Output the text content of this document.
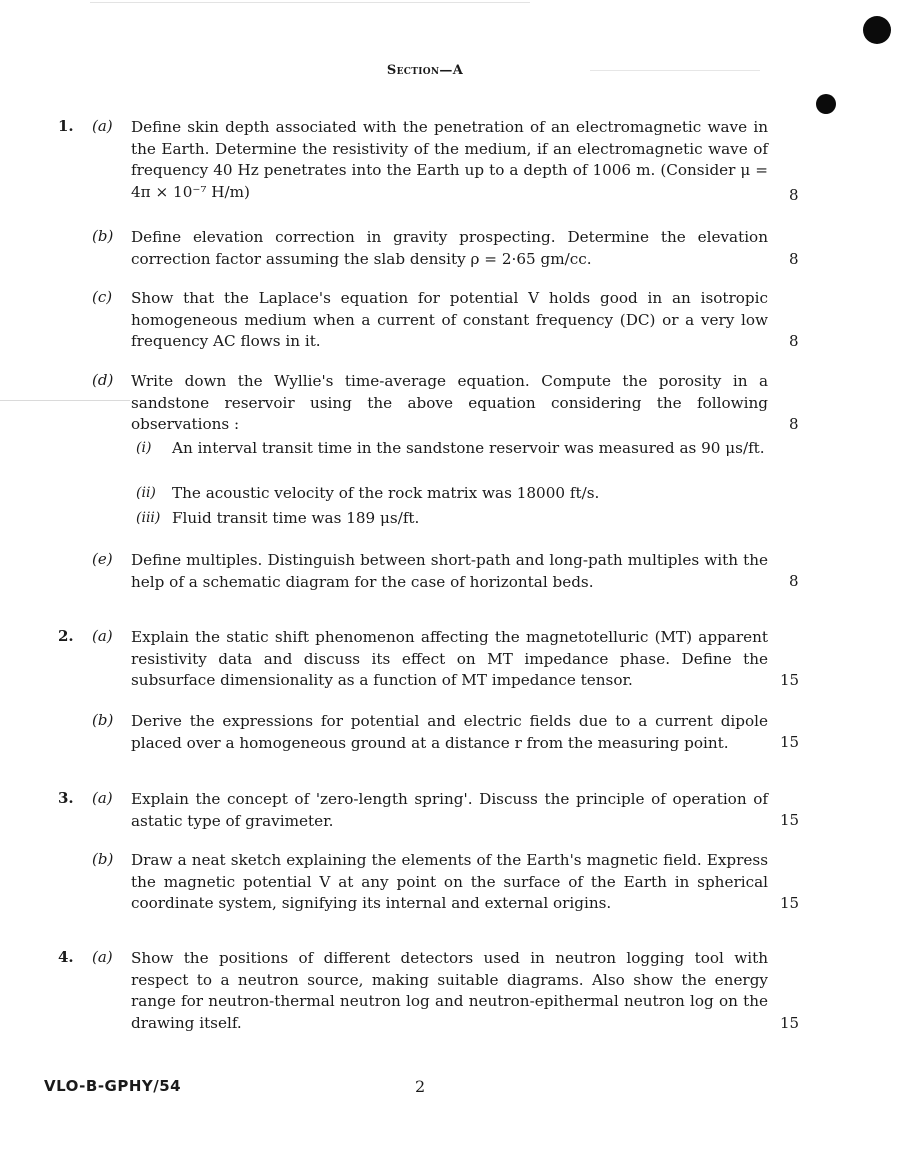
Section—A
1. (a) Define skin depth associated with the penetration of an electromagnetic wave in the Earth. Determine the resistivity of the medium, if an electromagnetic wave of frequency 40 Hz penetrates into the Earth up to a depth of 1006 m. (Consider μ = 4π × 10⁻⁷ H/m)	8
(b) Define elevation correction in gravity prospecting. Determine the elevation correction factor assuming the slab density ρ = 2·65 gm/cc.	8
(c) Show that the Laplace's equation for potential V holds good in an isotropic homogeneous medium when a current of constant frequency (DC) or a very low frequency AC flows in it.	8
(d) Write down the Wyllie's time-average equation. Compute the porosity in a sandstone reservoir using the above equation considering the following observations :	8
(i) An interval transit time in the sandstone reservoir was measured as 90 μs/ft.
(ii) The acoustic velocity of the rock matrix was 18000 ft/s.
(iii) Fluid transit time was 189 μs/ft.
(e) Define multiples. Distinguish between short-path and long-path multiples with the help of a schematic diagram for the case of horizontal beds.	8
2. (a) Explain the static shift phenomenon affecting the magnetotelluric (MT) apparent resistivity data and discuss its effect on MT impedance phase. Define the subsurface dimensionality as a function of MT impedance tensor.	15
(b) Derive the expressions for potential and electric fields due to a current dipole placed over a homogeneous ground at a distance r from the measuring point.	15
3. (a) Explain the concept of 'zero-length spring'. Discuss the principle of operation of astatic type of gravimeter.	15
(b) Draw a neat sketch explaining the elements of the Earth's magnetic field. Express the magnetic potential V at any point on the surface of the Earth in spherical coordinate system, signifying its internal and external origins.	15
4. (a) Show the positions of different detectors used in neutron logging tool with respect to a neutron source, making suitable diagrams. Also show the energy range for neutron-thermal neutron log and neutron-epithermal neutron log on the drawing itself.	15
VLO-B-GPHY/54	2
